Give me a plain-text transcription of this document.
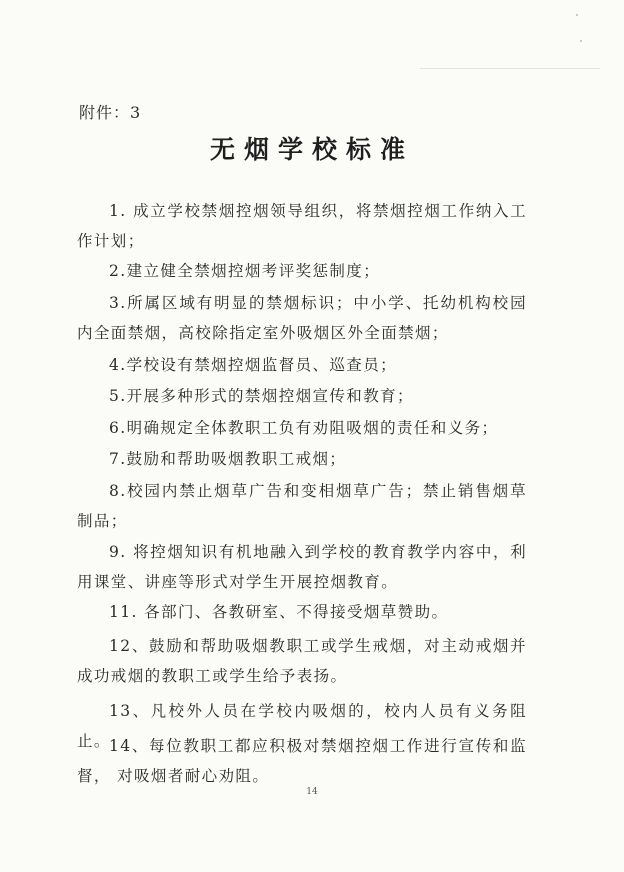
附件：3
无烟学校标准
1. 成立学校禁烟控烟领导组织，将禁烟控烟工作纳入工作计划；
2.建立健全禁烟控烟考评奖惩制度；
3.所属区域有明显的禁烟标识；中小学、托幼机构校园内全面禁烟，高校除指定室外吸烟区外全面禁烟；
4.学校设有禁烟控烟监督员、巡查员；
5.开展多种形式的禁烟控烟宣传和教育；
6.明确规定全体教职工负有劝阻吸烟的责任和义务；
7.鼓励和帮助吸烟教职工戒烟；
8.校园内禁止烟草广告和变相烟草广告；禁止销售烟草制品；
9. 将控烟知识有机地融入到学校的教育教学内容中，利用课堂、讲座等形式对学生开展控烟教育。
11. 各部门、各教研室、不得接受烟草赞助。
12、鼓励和帮助吸烟教职工或学生戒烟，对主动戒烟并成功戒烟的教职工或学生给予表扬。
13、凡校外人员在学校内吸烟的，校内人员有义务阻止。
14、每位教职工都应积极对禁烟控烟工作进行宣传和监督， 对吸烟者耐心劝阻。
14
